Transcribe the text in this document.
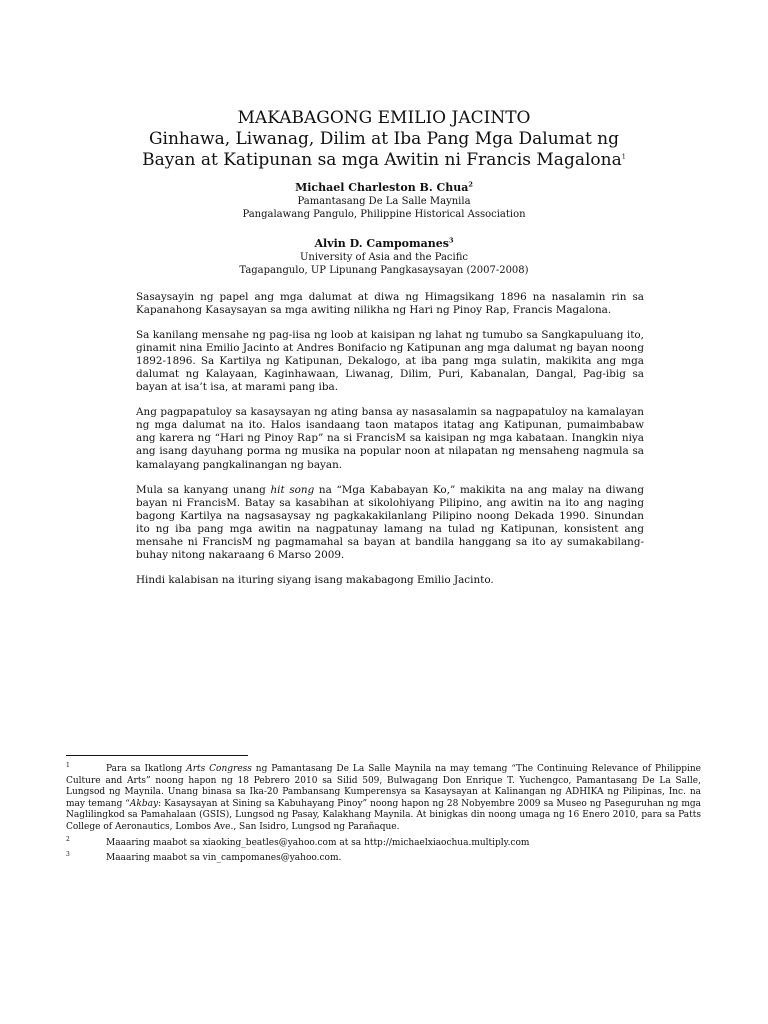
MAKABAGONG EMILIO JACINTO
Ginhawa, Liwanag, Dilim at Iba Pang Mga Dalumat ng
Bayan at Katipunan sa mga Awitin ni Francis Magalona$^1$
Michael Charleston B. Chua$^2$
Pamantasang De La Salle Maynila
Pangalawang Pangulo, Philippine Historical Association
Alvin D. Campomanes$^3$
University of Asia and the Pacific
Tagapangulo, UP Lipunang Pangkasaysayan (2007-2008)

Sasaysayin ng papel ang mga dalumat at diwa ng Himagsikang 1896 na nasalamin rin sa Kapanahong Kasaysayan sa mga awiting nilikha ng Hari ng Pinoy Rap, Francis Magalona.

Sa kanilang mensahe ng pag-iisa ng loob at kaisipan ng lahat ng tumubo sa Sangkapuluang ito, ginamit nina Emilio Jacinto at Andres Bonifacio ng Katipunan ang mga dalumat ng bayan noong 1892-1896. Sa Kartilya ng Katipunan, Dekalogo, at iba pang mga sulatin, makikita ang mga dalumat ng Kalayaan, Kaginhawaan, Liwanag, Dilim, Puri, Kabanalan, Dangal, Pag-ibig sa bayan at isa’t isa, at marami pang iba.

Ang pagpapatuloy sa kasaysayan ng ating bansa ay nasasalamin sa nagpapatuloy na kamalayan ng mga dalumat na ito. Halos isandaang taon matapos itatag ang Katipunan, pumaimbabaw ang karera ng “Hari ng Pinoy Rap” na si FrancisM sa kaisipan ng mga kabataan. Inangkin niya ang isang dayuhang porma ng musika na popular noon at nilapatan ng mensaheng nagmula sa kamalayang pangkalinangan ng bayan.

Mula sa kanyang unang hit song na “Mga Kababayan Ko,” makikita na ang malay na diwang bayan ni FrancisM. Batay sa kasabihan at sikolohiyang Pilipino, ang awitin na ito ang naging bagong Kartilya na nagsasaysay ng pagkakakilanlang Pilipino noong Dekada 1990. Sinundan ito ng iba pang mga awitin na nagpatunay lamang na tulad ng Katipunan, konsistent ang mensahe ni FrancisM ng pagmamahal sa bayan at bandila hanggang sa ito ay sumakabilang-buhay nitong nakaraang 6 Marso 2009.

Hindi kalabisan na ituring siyang isang makabagong Emilio Jacinto.

1	Para sa Ikatlong Arts Congress ng Pamantasang De La Salle Maynila na may temang “The Continuing Relevance of Philippine Culture and Arts” noong hapon ng 18 Pebrero 2010 sa Silid 509, Bulwagang Don Enrique T. Yuchengco, Pamantasang De La Salle, Lungsod ng Maynila. Unang binasa sa Ika-20 Pambansang Kumperensya sa Kasaysayan at Kalinangan ng ADHIKA ng Pilipinas, Inc. na may temang “Akbay: Kasaysayan at Sining sa Kabuhayang Pinoy” noong hapon ng 28 Nobyembre 2009 sa Museo ng Paseguruhan ng mga Naglilingkod sa Pamahalaan (GSIS), Lungsod ng Pasay, Kalakhang Maynila. At binigkas din noong umaga ng 16 Enero 2010, para sa Patts College of Aeronautics, Lombos Ave., San Isidro, Lungsod ng Parañaque.

2	Maaaring maabot sa xiaoking_beatles@yahoo.com at sa http://michaelxiaochua.multiply.com

3	Maaaring maabot sa vin_campomanes@yahoo.com.
